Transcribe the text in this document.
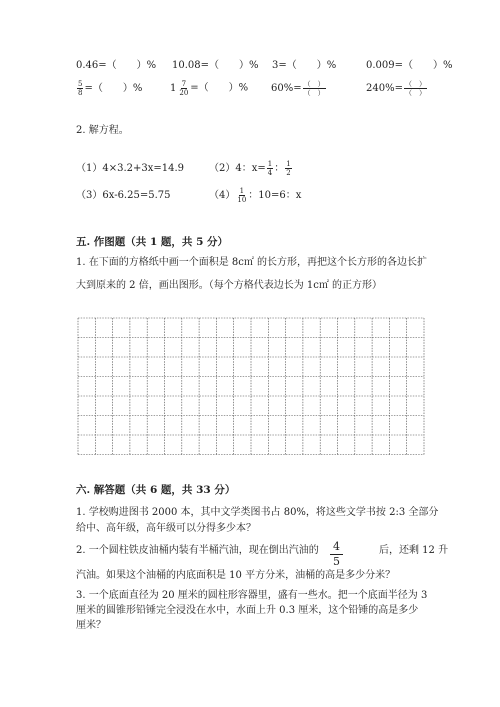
0.46=（　　）% 10.08=（　　）% 3=（　　）%	0.009=（　　）%
$\frac{5}{8}$ =（　　）%	$1 \frac{7}{20}$ =（　　）% $60\%= \frac{( )}{( )}$	$240\%= \frac{( )}{( )}$
2. 解方程。
（1）4×3.2+3x=14.9 （2）4：$x= \frac{1}{4}$ ： $\frac{1}{2}$
（3）6x-6.25=5.75	$(4) \frac{1}{10}$ ：10=6：x
五. 作图题（共 1 题，共 5 分）
1. 在下面的方格纸中画一个面积是 8c㎡ 的长方形，再把这个长方形的各边长扩
大到原来的 2 倍，画出图形。（每个方格代表边长为 1c㎡ 的正方形）
六. 解答题（共 6 题，共 33 分）
1. 学校购进图书 2000 本，其中文学类图书占 80%，将这些文学书按 2:3 全部分
给中、高年级，高年级可以分得多少本？
2. 一个圆柱铁皮油桶内装有半桶汽油，现在倒出汽油的 $\frac{4}{5}$	后，还剩 12 升
汽油。如果这个油桶的内底面积是 10 平方分米，油桶的高是多少分米？
3. 一个底面直径为 20 厘米的圆柱形容器里，盛有一些水。把一个底面半径为 3
厘米的圆锥形铅锤完全浸没在水中，水面上升 0.3 厘米，这个铅锤的高是多少
厘米？
